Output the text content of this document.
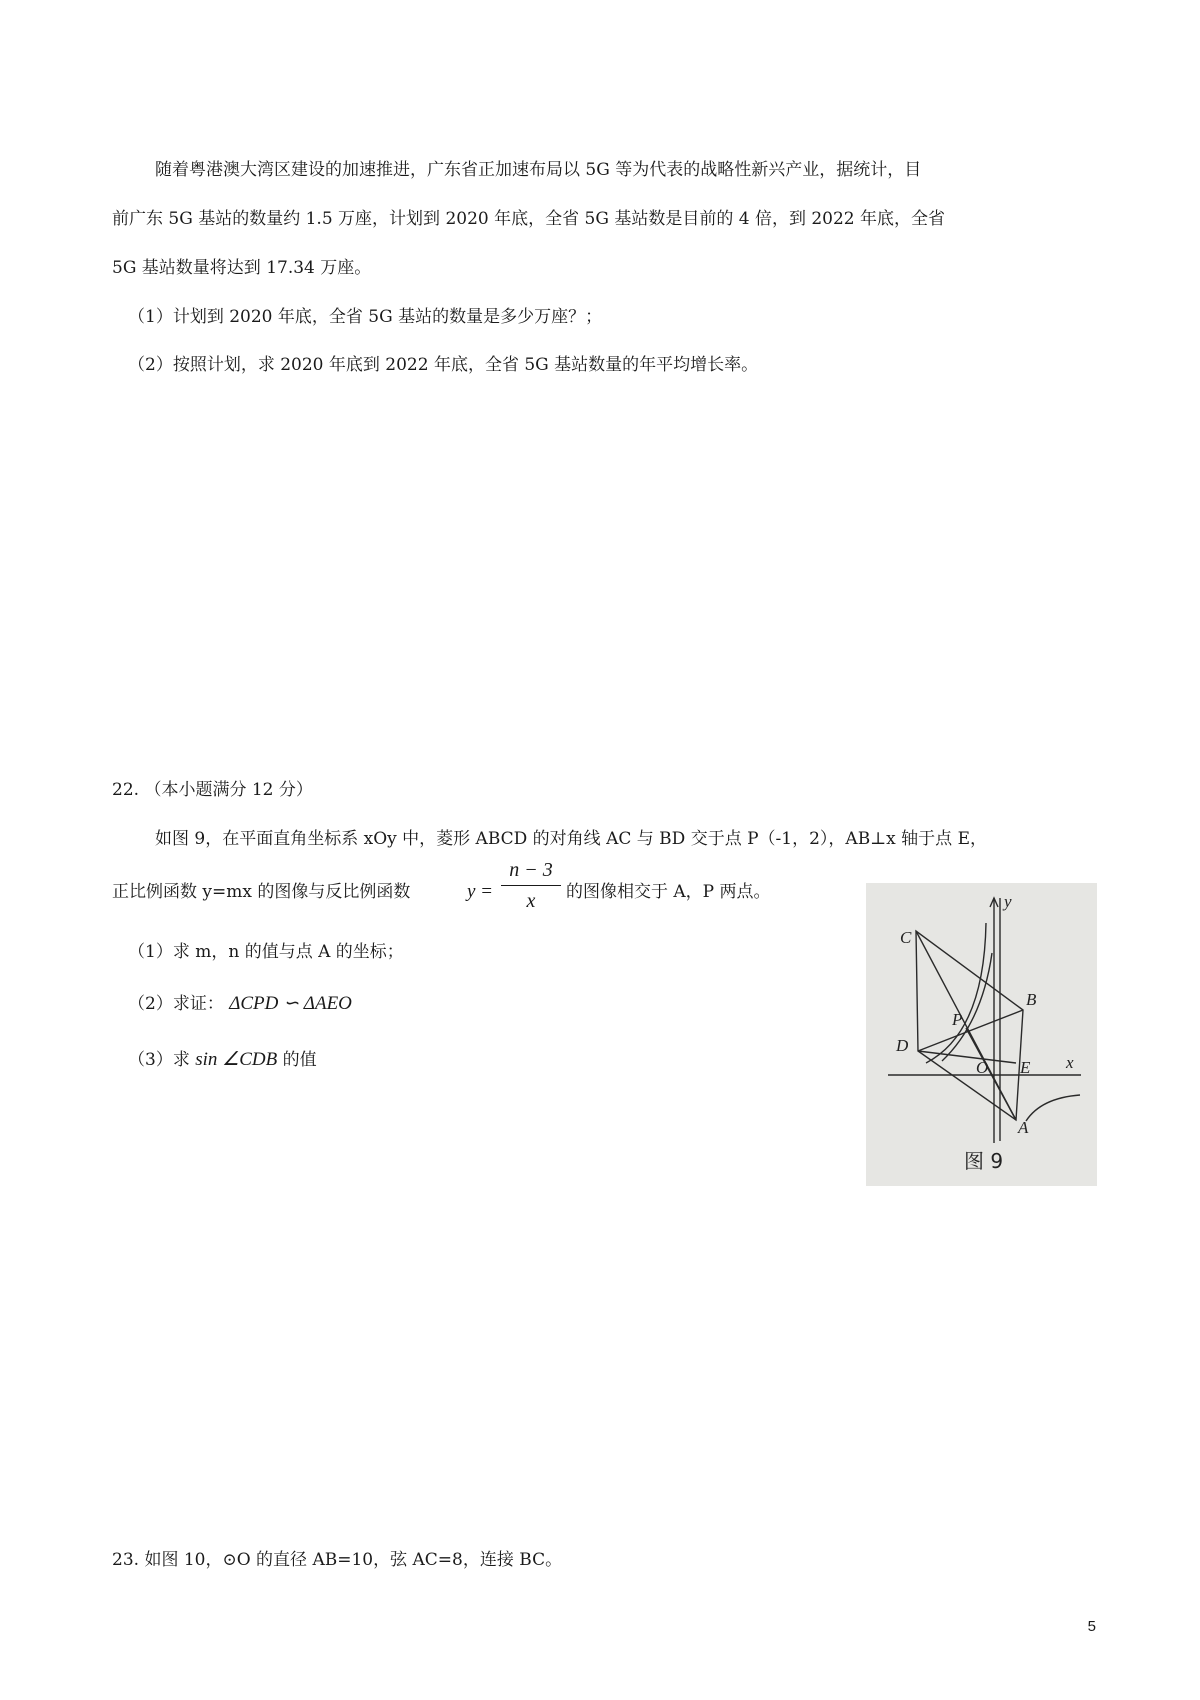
随着粤港澳大湾区建设的加速推进，广东省正加速布局以 5G 等为代表的战略性新兴产业，据统计，目
前广东 5G 基站的数量约 1.5 万座，计划到 2020 年底，全省 5G 基站数是目前的 4 倍，到 2022 年底，全省
5G 基站数量将达到 17.34 万座。
（1）计划到 2020 年底，全省 5G 基站的数量是多少万座？；
（2）按照计划，求 2020 年底到 2022 年底，全省 5G 基站数量的年平均增长率。
22. （本小题满分 12 分）
如图 9，在平面直角坐标系 xOy 中，菱形 ABCD 的对角线 AC 与 BD 交于点 P（-1，2），AB⊥x 轴于点 E，
正比例函数 y=mx 的图像与反比例函数	y =
n − 3
x	的图像相交于 A，P 两点。
（1）求 m，n 的值与点 A 的坐标；
（2）求证： ΔCPD ∽ ΔAEO
（3）求 sin ∠CDB 的值
C
B
P
D
O E
A
x
y
图 9
23. 如图 10，⊙O 的直径 AB=10，弦 AC=8，连接 BC。
5
